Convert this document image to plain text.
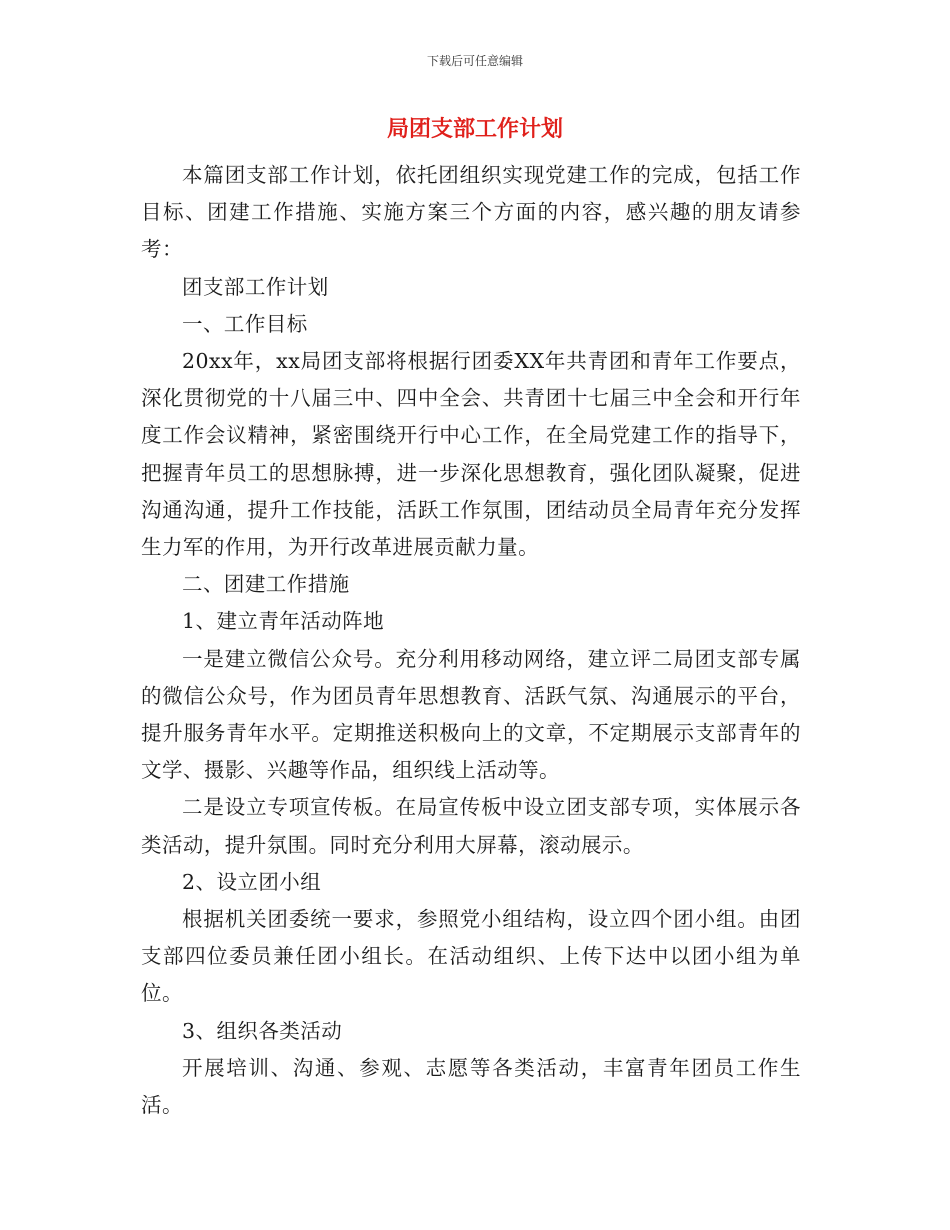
下载后可任意编辑
局团支部工作计划

本篇团支部工作计划，依托团组织实现党建工作的完成，包括工作目标、团建工作措施、实施方案三个方面的内容，感兴趣的朋友请参考：

团支部工作计划

一、工作目标

20xx年，xx局团支部将根据行团委XX年共青团和青年工作要点，深化贯彻党的十八届三中、四中全会、共青团十七届三中全会和开行年度工作会议精神，紧密围绕开行中心工作，在全局党建工作的指导下，把握青年员工的思想脉搏，进一步深化思想教育，强化团队凝聚，促进沟通沟通，提升工作技能，活跃工作氛围，团结动员全局青年充分发挥生力军的作用，为开行改革进展贡献力量。

二、团建工作措施

1、建立青年活动阵地

一是建立微信公众号。充分利用移动网络，建立评二局团支部专属的微信公众号，作为团员青年思想教育、活跃气氛、沟通展示的平台，提升服务青年水平。定期推送积极向上的文章，不定期展示支部青年的文学、摄影、兴趣等作品，组织线上活动等。

二是设立专项宣传板。在局宣传板中设立团支部专项，实体展示各类活动，提升氛围。同时充分利用大屏幕，滚动展示。

2、设立团小组

根据机关团委统一要求，参照党小组结构，设立四个团小组。由团支部四位委员兼任团小组长。在活动组织、上传下达中以团小组为单位。

3、组织各类活动

开展培训、沟通、参观、志愿等各类活动，丰富青年团员工作生活。
